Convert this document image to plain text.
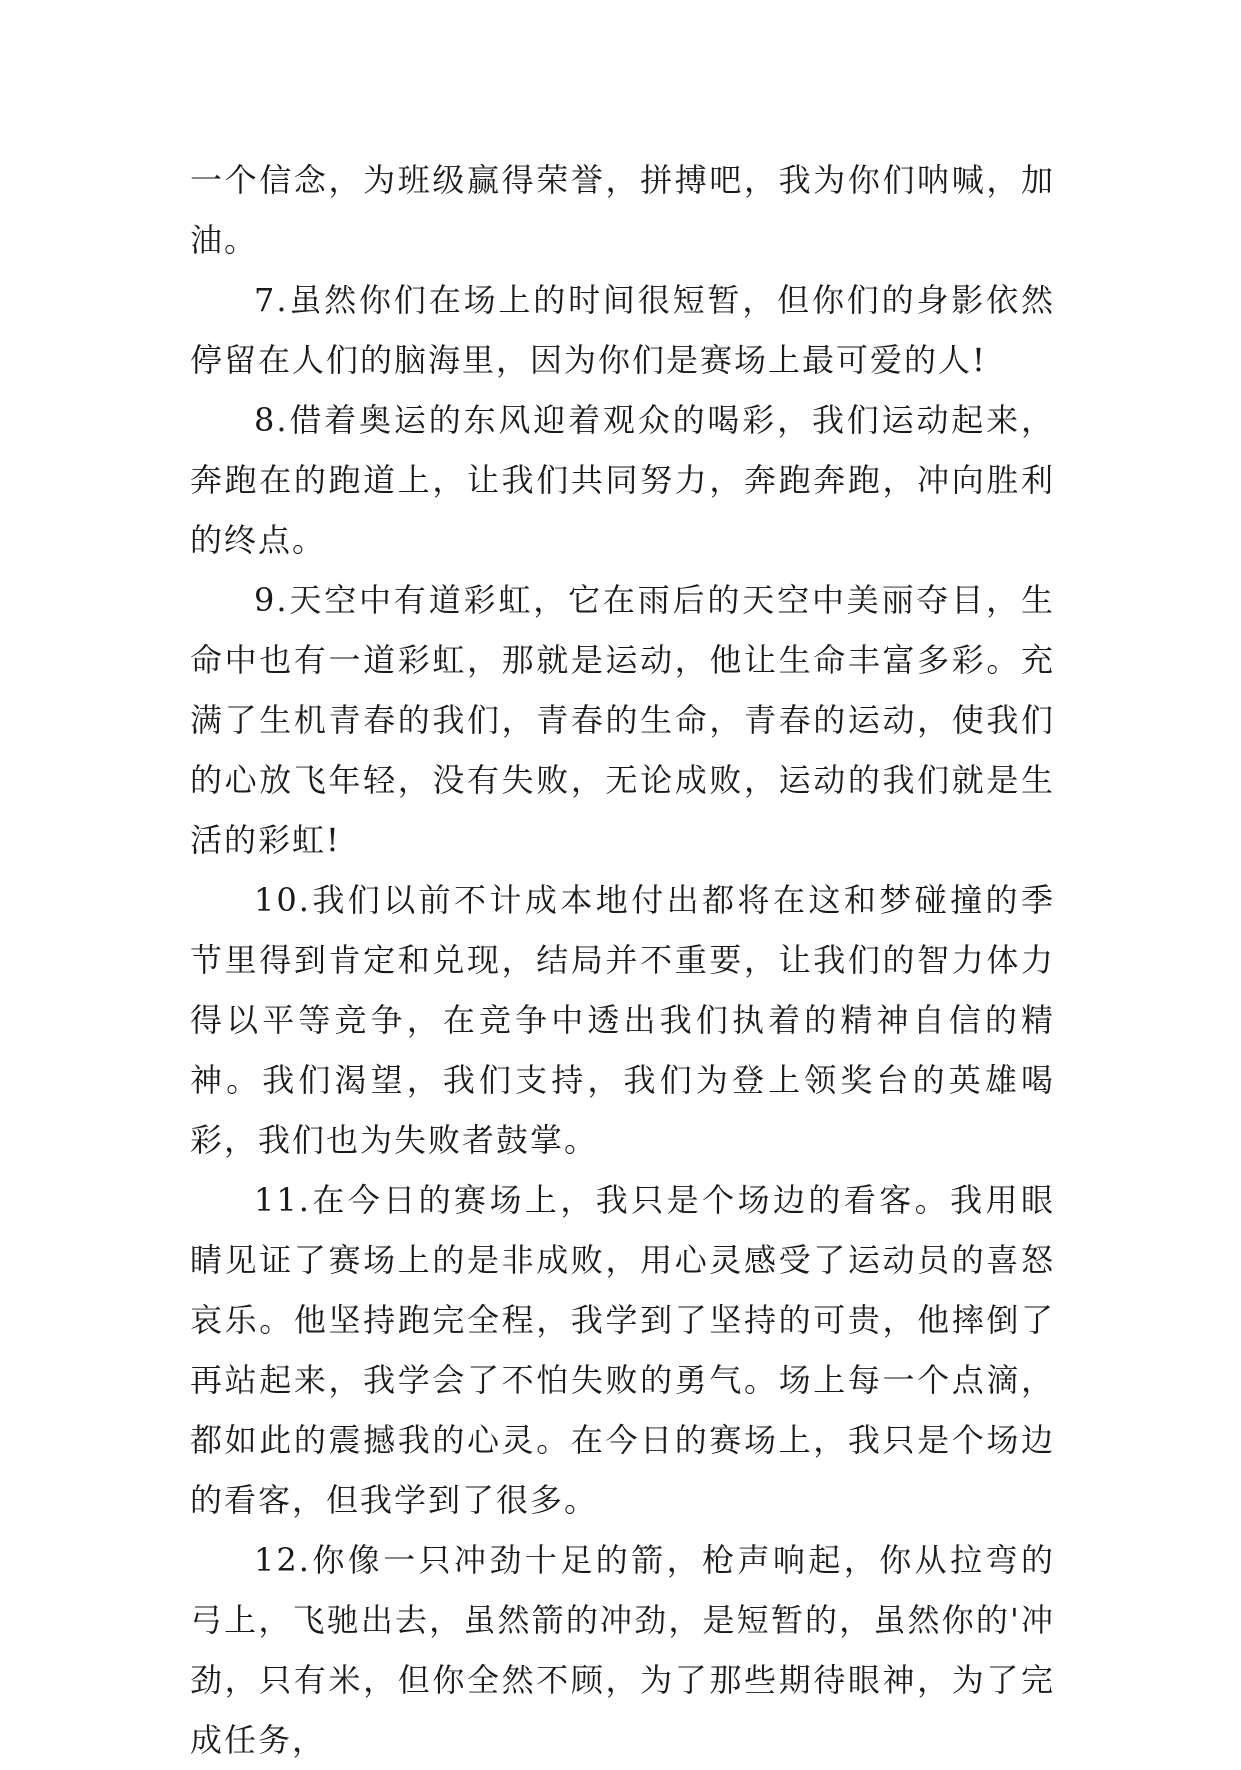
一个信念，为班级赢得荣誉，拼搏吧，我为你们呐喊，加油。

7.虽然你们在场上的时间很短暂，但你们的身影依然停留在人们的脑海里，因为你们是赛场上最可爱的人!

8.借着奥运的东风迎着观众的喝彩，我们运动起来，奔跑在的跑道上，让我们共同努力，奔跑奔跑，冲向胜利的终点。

9.天空中有道彩虹，它在雨后的天空中美丽夺目，生命中也有一道彩虹，那就是运动，他让生命丰富多彩。充满了生机青春的我们，青春的生命，青春的运动，使我们的心放飞年轻，没有失败，无论成败，运动的我们就是生活的彩虹!

10.我们以前不计成本地付出都将在这和梦碰撞的季节里得到肯定和兑现，结局并不重要，让我们的智力体力得以平等竞争，在竞争中透出我们执着的精神自信的精神。我们渴望，我们支持，我们为登上领奖台的英雄喝彩，我们也为失败者鼓掌。

11.在今日的赛场上，我只是个场边的看客。我用眼睛见证了赛场上的是非成败，用心灵感受了运动员的喜怒哀乐。他坚持跑完全程，我学到了坚持的可贵，他摔倒了再站起来，我学会了不怕失败的勇气。场上每一个点滴，都如此的震撼我的心灵。在今日的赛场上，我只是个场边的看客，但我学到了很多。

12.你像一只冲劲十足的箭，枪声响起，你从拉弯的弓上，飞驰出去，虽然箭的冲劲，是短暂的，虽然你的'冲劲，只有米，但你全然不顾，为了那些期待眼神，为了完成任务，
